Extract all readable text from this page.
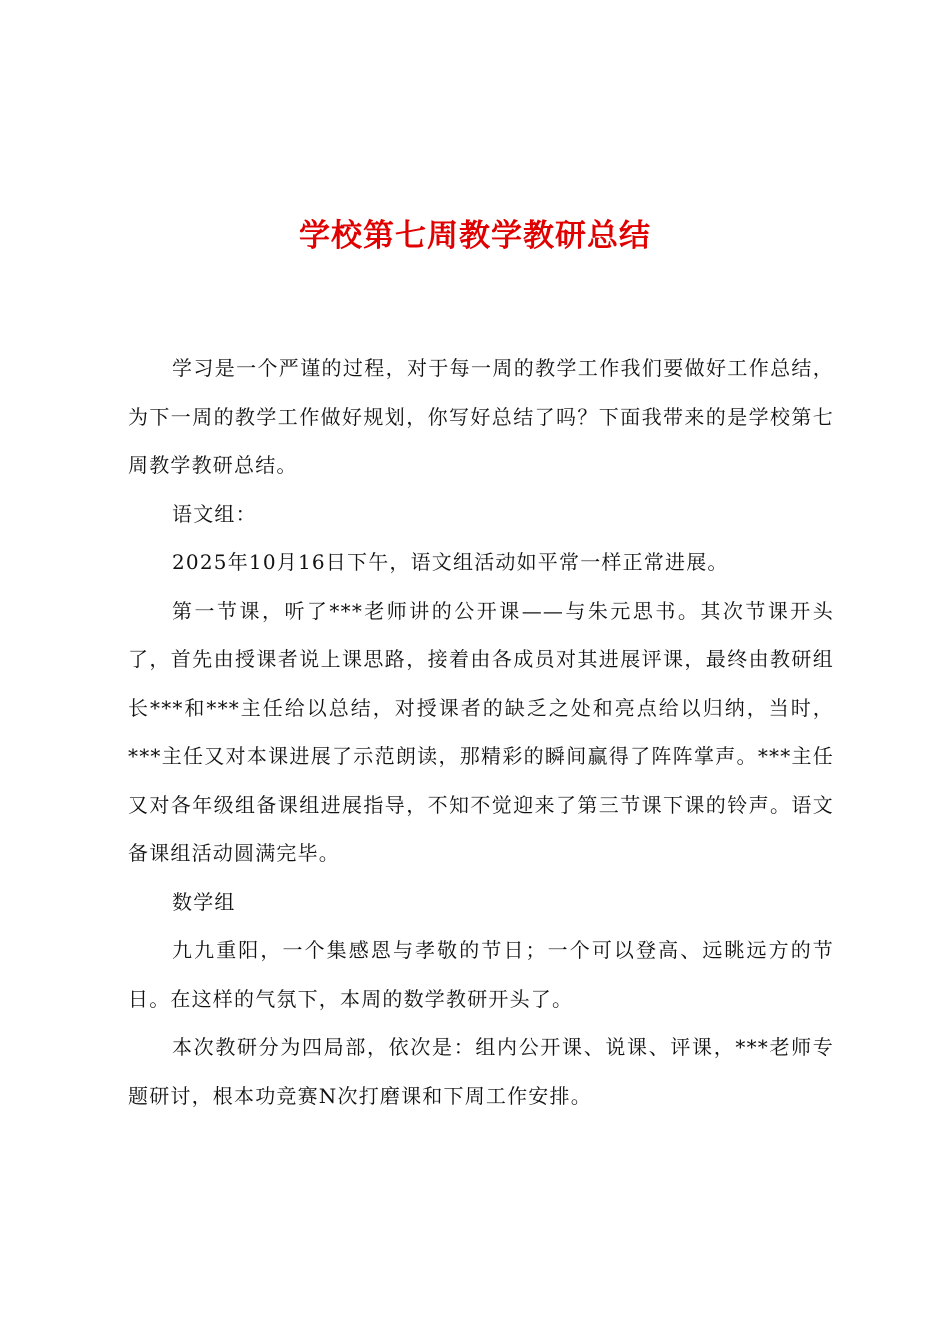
学校第七周教学教研总结

学习是一个严谨的过程，对于每一周的教学工作我们要做好工作总结，为下一周的教学工作做好规划，你写好总结了吗？下面我带来的是学校第七周教学教研总结。

语文组：

2025年10月16日下午，语文组活动如平常一样正常进展。

第一节课，听了***老师讲的公开课——与朱元思书。其次节课开头了，首先由授课者说上课思路，接着由各成员对其进展评课，最终由教研组长***和***主任给以总结，对授课者的缺乏之处和亮点给以归纳，当时，***主任又对本课进展了示范朗读，那精彩的瞬间赢得了阵阵掌声。***主任又对各年级组备课组进展指导，不知不觉迎来了第三节课下课的铃声。语文备课组活动圆满完毕。

数学组

九九重阳，一个集感恩与孝敬的节日；一个可以登高、远眺远方的节日。在这样的气氛下，本周的数学教研开头了。

本次教研分为四局部，依次是：组内公开课、说课、评课，***老师专题研讨，根本功竞赛N次打磨课和下周工作安排。
